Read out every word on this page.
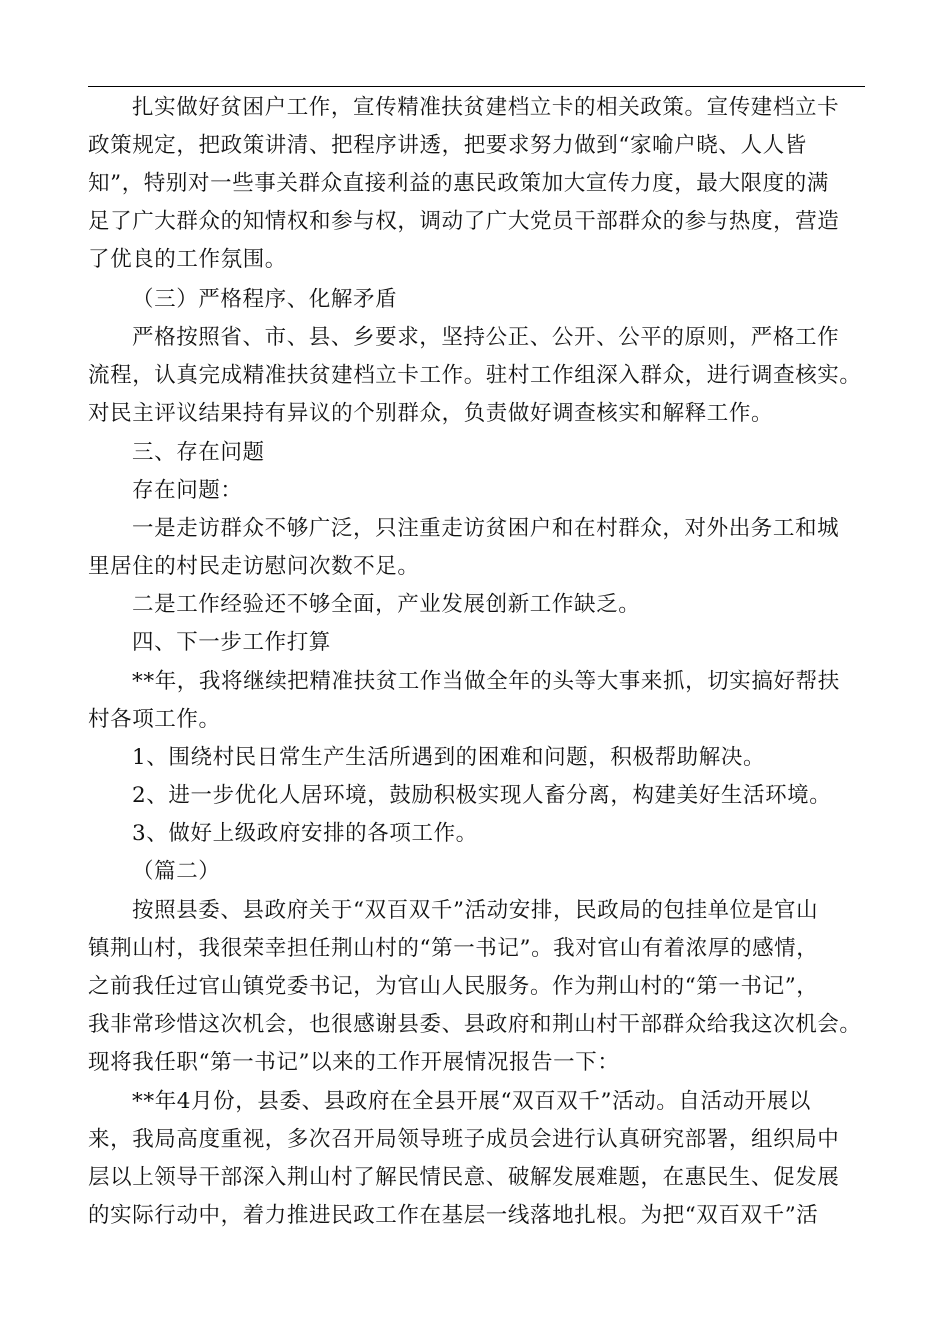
扎实做好贫困户工作，宣传精准扶贫建档立卡的相关政策。宣传建档立卡
政策规定，把政策讲清、把程序讲透，把要求努力做到“家喻户晓、人人皆
知”，特别对一些事关群众直接利益的惠民政策加大宣传力度，最大限度的满
足了广大群众的知情权和参与权，调动了广大党员干部群众的参与热度，营造
了优良的工作氛围。
（三）严格程序、化解矛盾
严格按照省、市、县、乡要求，坚持公正、公开、公平的原则，严格工作
流程，认真完成精准扶贫建档立卡工作。驻村工作组深入群众，进行调查核实。
对民主评议结果持有异议的个别群众，负责做好调查核实和解释工作。
三、存在问题
存在问题：
一是走访群众不够广泛，只注重走访贫困户和在村群众，对外出务工和城
里居住的村民走访慰问次数不足。
二是工作经验还不够全面，产业发展创新工作缺乏。
四、下一步工作打算
**年，我将继续把精准扶贫工作当做全年的头等大事来抓，切实搞好帮扶
村各项工作。
1、围绕村民日常生产生活所遇到的困难和问题，积极帮助解决。
2、进一步优化人居环境，鼓励积极实现人畜分离，构建美好生活环境。
3、做好上级政府安排的各项工作。
（篇二）
按照县委、县政府关于“双百双千”活动安排，民政局的包挂单位是官山
镇荆山村，我很荣幸担任荆山村的“第一书记”。我对官山有着浓厚的感情，
之前我任过官山镇党委书记，为官山人民服务。作为荆山村的“第一书记”，
我非常珍惜这次机会，也很感谢县委、县政府和荆山村干部群众给我这次机会。
现将我任职“第一书记”以来的工作开展情况报告一下：
**年4月份，县委、县政府在全县开展“双百双千”活动。自活动开展以
来，我局高度重视，多次召开局领导班子成员会进行认真研究部署，组织局中
层以上领导干部深入荆山村了解民情民意、破解发展难题，在惠民生、促发展
的实际行动中，着力推进民政工作在基层一线落地扎根。为把“双百双千”活
